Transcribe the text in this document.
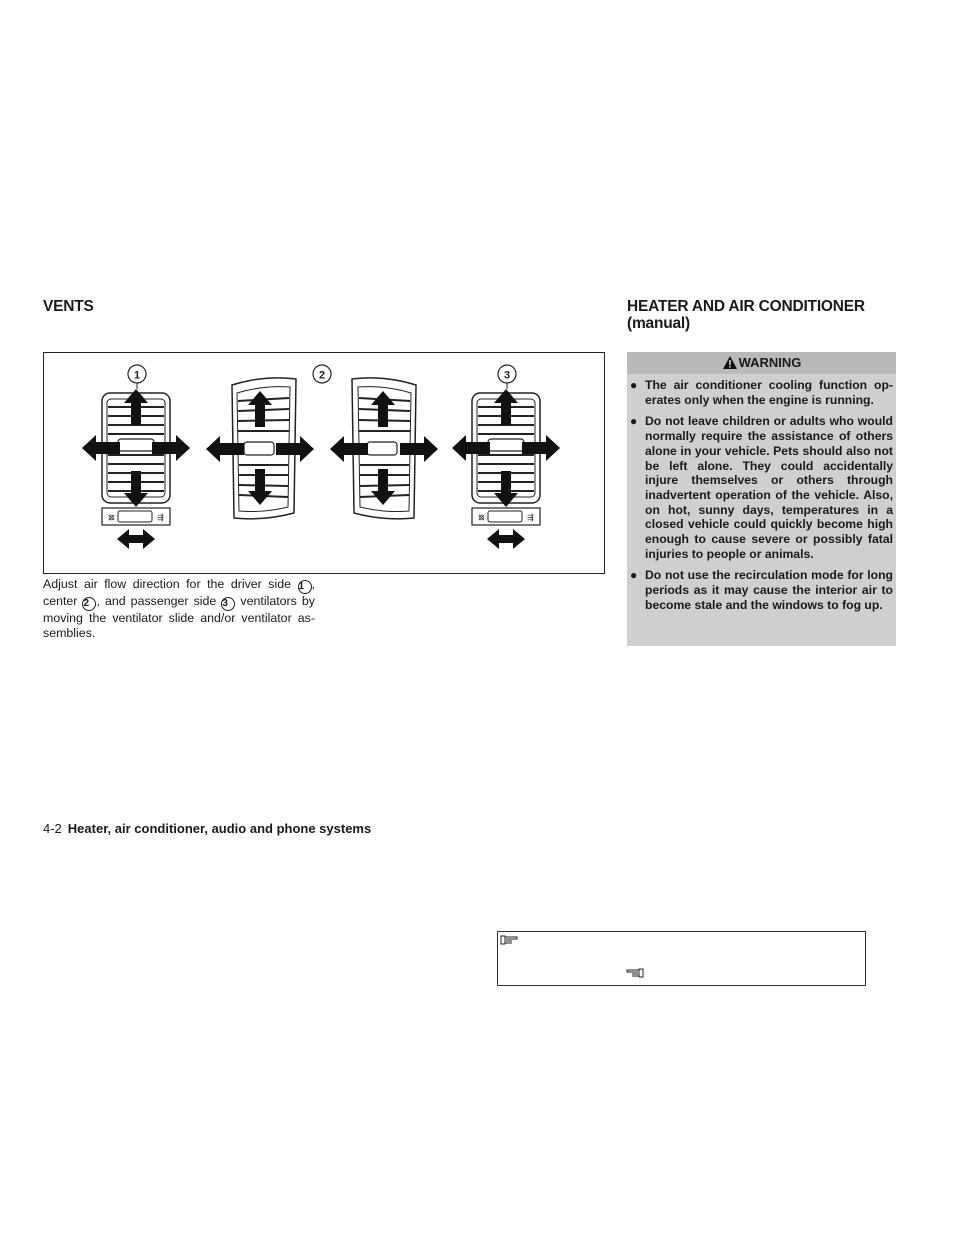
VENTS
⊠	⇶
1	2
⊠	⇶
3
Adjust air flow direction for the driver side 1 , center 2 , and passenger side 3 ventilators by moving the ventilator slide and/or ventilator assemblies.
HEATER AND AIR CONDITIONER
(manual)
WARNING
● The air conditioner cooling function operates only when the engine is running.
● Do not leave children or adults who would normally require the assistance of others alone in your vehicle. Pets should also not be left alone. They could accidentally injure themselves or others through inadvertent operation of the vehicle. Also, on hot, sunny days, temperatures in a closed vehicle could quickly become high enough to cause severe or possibly fatal injuries to people or animals.
● Do not use the recirculation mode for long periods as it may cause the interior air to become stale and the windows to fog up.
4-2 Heater, air conditioner, audio and phone systems
